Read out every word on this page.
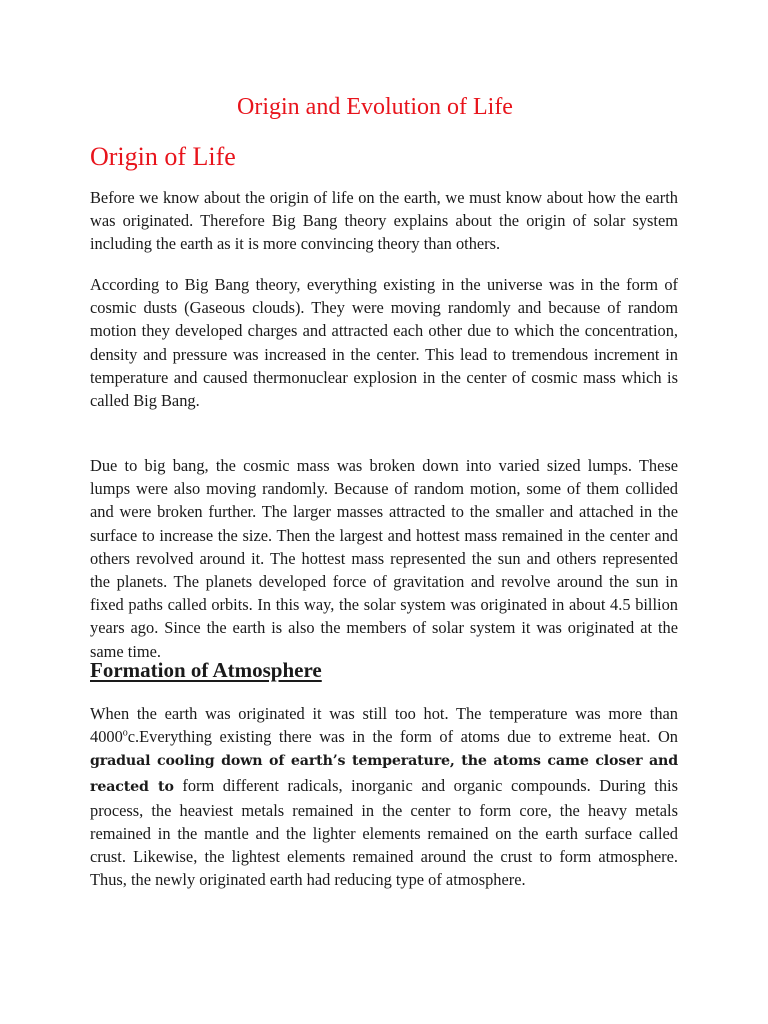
Origin and Evolution of Life
Origin of Life

Before we know about the origin of life on the earth, we must know about how the earth was originated. Therefore Big Bang theory explains about the origin of solar system including the earth as it is more convincing theory than others.

According to Big Bang theory, everything existing in the universe was in the form of cosmic dusts (Gaseous clouds). They were moving randomly and because of random motion they developed charges and attracted each other due to which the concentration, density and pressure was increased in the center. This lead to tremendous increment in temperature and caused thermonuclear explosion in the center of cosmic mass which is called Big Bang.

Due to big bang, the cosmic mass was broken down into varied sized lumps. These lumps were also moving randomly. Because of random motion, some of them collided and were broken further. The larger masses attracted to the smaller and attached in the surface to increase the size. Then the largest and hottest mass remained in the center and others revolved around it. The hottest mass represented the sun and others represented the planets. The planets developed force of gravitation and revolve around the sun in fixed paths called orbits. In this way, the solar system was originated in about 4.5 billion years ago. Since the earth is also the members of solar system it was originated at the same time.

Formation of Atmosphere

When the earth was originated it was still too hot. The temperature was more than 4000$^o$c.Everything existing there was in the form of atoms due to extreme heat. On gradual cooling down of earth’s temperature, the atoms came closer and reacted to form different radicals, inorganic and organic compounds. During this process, the heaviest metals remained in the center to form core, the heavy metals remained in the mantle and the lighter elements remained on the earth surface called crust. Likewise, the lightest elements remained around the crust to form atmosphere. Thus, the newly originated earth had reducing type of atmosphere.
